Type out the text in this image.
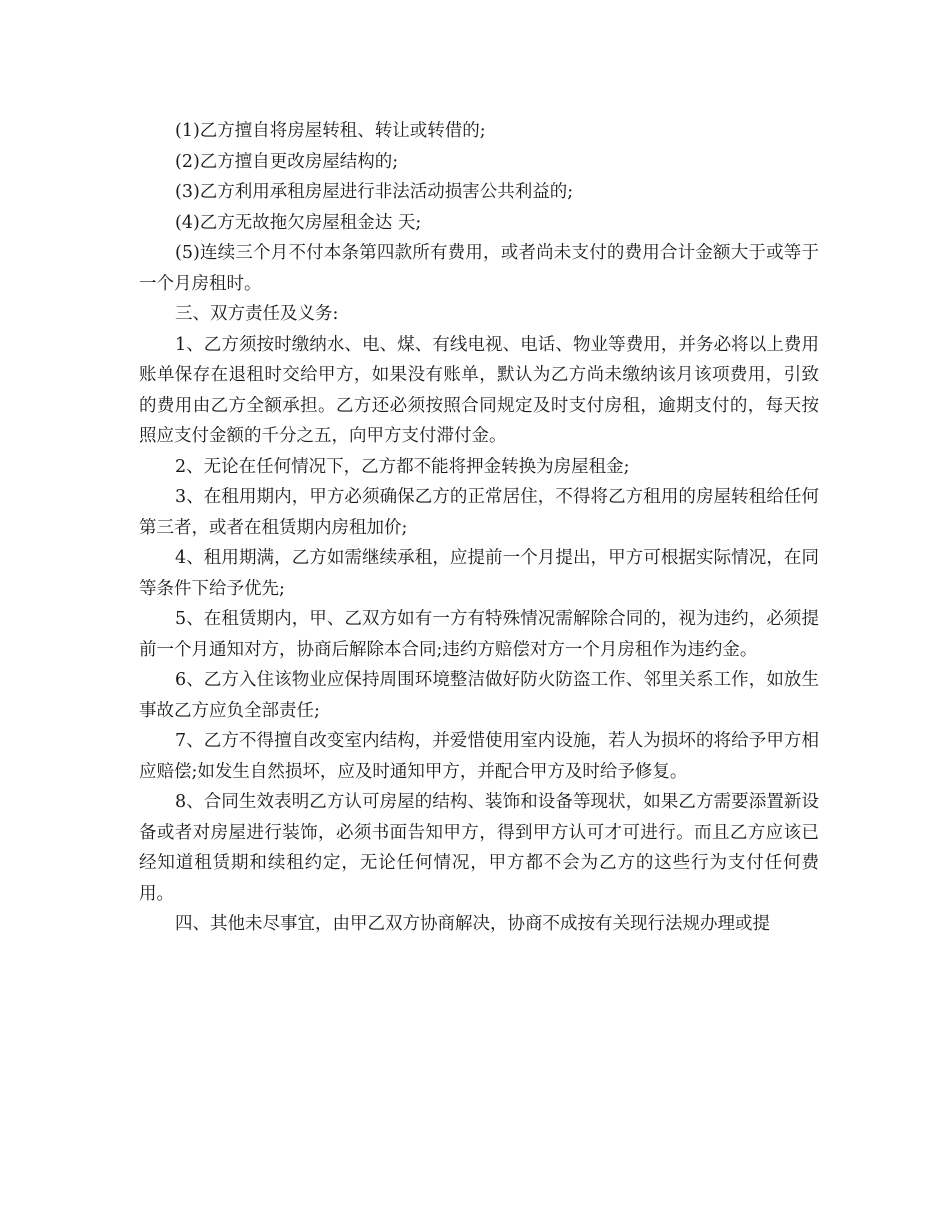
(1)乙方擅自将房屋转租、转让或转借的;

(2)乙方擅自更改房屋结构的;

(3)乙方利用承租房屋进行非法活动损害公共利益的;

(4)乙方无故拖欠房屋租金达 天;

(5)连续三个月不付本条第四款所有费用，或者尚未支付的费用合计金额大于或等于一个月房租时。

三、双方责任及义务:

1、乙方须按时缴纳水、电、煤、有线电视、电话、物业等费用，并务必将以上费用账单保存在退租时交给甲方，如果没有账单，默认为乙方尚未缴纳该月该项费用，引致的费用由乙方全额承担。乙方还必须按照合同规定及时支付房租，逾期支付的，每天按照应支付金额的千分之五，向甲方支付滞付金。

2、无论在任何情况下，乙方都不能将押金转换为房屋租金;

3、在租用期内，甲方必须确保乙方的正常居住，不得将乙方租用的房屋转租给任何第三者，或者在租赁期内房租加价;

4、租用期满，乙方如需继续承租，应提前一个月提出，甲方可根据实际情况，在同等条件下给予优先;

5、在租赁期内，甲、乙双方如有一方有特殊情况需解除合同的，视为违约，必须提前一个月通知对方，协商后解除本合同;违约方赔偿对方一个月房租作为违约金。

6、乙方入住该物业应保持周围环境整洁做好防火防盗工作、邻里关系工作，如放生事故乙方应负全部责任;

7、乙方不得擅自改变室内结构，并爱惜使用室内设施，若人为损坏的将给予甲方相应赔偿;如发生自然损坏，应及时通知甲方，并配合甲方及时给予修复。

8、合同生效表明乙方认可房屋的结构、装饰和设备等现状，如果乙方需要添置新设备或者对房屋进行装饰，必须书面告知甲方，得到甲方认可才可进行。而且乙方应该已经知道租赁期和续租约定，无论任何情况，甲方都不会为乙方的这些行为支付任何费用。

四、其他未尽事宜，由甲乙双方协商解决，协商不成按有关现行法规办理或提
